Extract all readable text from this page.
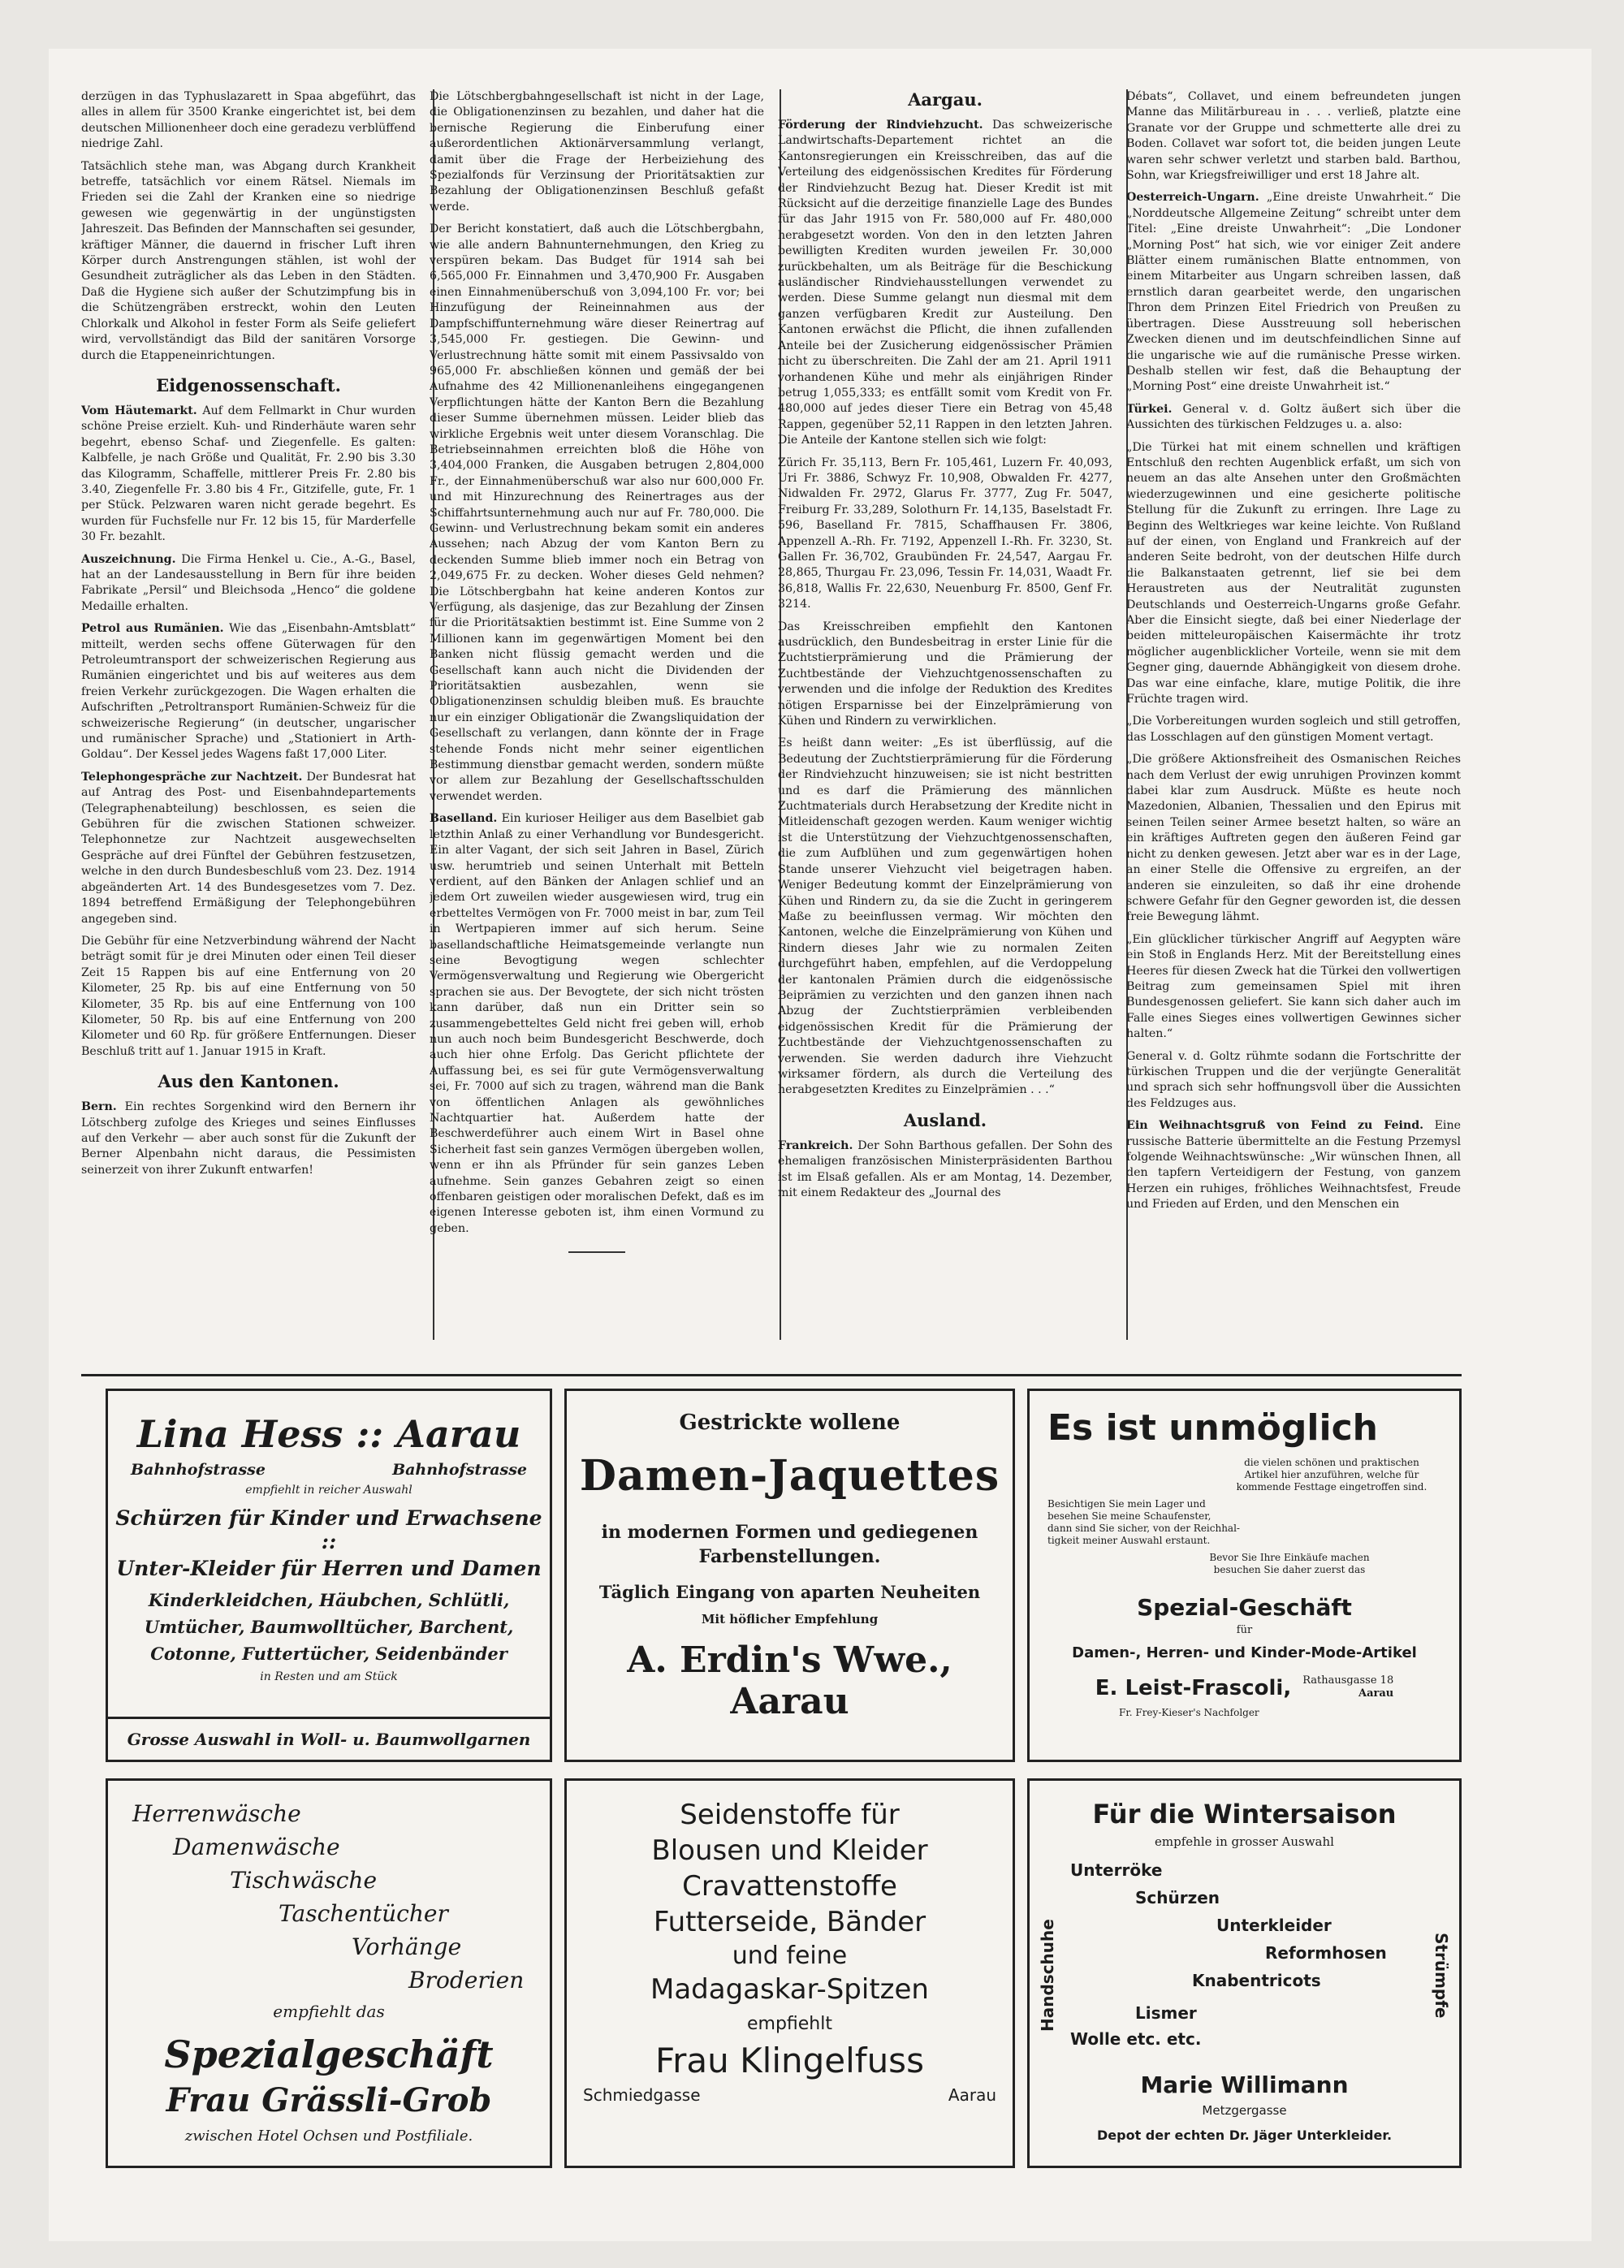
derzügen in das Typhuslazarett in Spaa abgeführt, das alles in allem für 3500 Kranke eingerichtet ist, bei dem deutschen Millionenheer doch eine geradezu verblüffend niedrige Zahl.

Tatsächlich stehe man, was Abgang durch Krankheit betreffe, tatsächlich vor einem Rätsel. Niemals im Frieden sei die Zahl der Kranken eine so niedrige gewesen wie gegenwärtig in der ungünstigsten Jahreszeit. Das Befinden der Mannschaften sei gesunder, kräftiger Männer, die dauernd in frischer Luft ihren Körper durch Anstrengungen stählen, ist wohl der Gesundheit zuträglicher als das Leben in den Städten. Daß die Hygiene sich außer der Schutzimpfung bis in die Schützengräben erstreckt, wohin den Leuten Chlorkalk und Alkohol in fester Form als Seife geliefert wird, vervollständigt das Bild der sanitären Vorsorge durch die Etappeneinrichtungen.

Eidgenossenschaft.

Vom Häutemarkt. Auf dem Fellmarkt in Chur wurden schöne Preise erzielt. Kuh- und Rinderhäute waren sehr begehrt, ebenso Schaf- und Ziegenfelle. Es galten: Kalbfelle, je nach Größe und Qualität, Fr. 2.90 bis 3.30 das Kilogramm, Schaffelle, mittlerer Preis Fr. 2.80 bis 3.40, Ziegenfelle Fr. 3.80 bis 4 Fr., Gitzifelle, gute, Fr. 1 per Stück. Pelzwaren waren nicht gerade begehrt. Es wurden für Fuchsfelle nur Fr. 12 bis 15, für Marderfelle 30 Fr. bezahlt.

Auszeichnung. Die Firma Henkel u. Cie., A.-G., Basel, hat an der Landesausstellung in Bern für ihre beiden Fabrikate „Persil“ und Bleichsoda „Henco“ die goldene Medaille erhalten.

Petrol aus Rumänien. Wie das „Eisenbahn-Amtsblatt“ mitteilt, werden sechs offene Güterwagen für den Petroleumtransport der schweizerischen Regierung aus Rumänien eingerichtet und bis auf weiteres aus dem freien Verkehr zurückgezogen. Die Wagen erhalten die Aufschriften „Petroltransport Rumänien-Schweiz für die schweizerische Regierung“ (in deutscher, ungarischer und rumänischer Sprache) und „Stationiert in Arth-Goldau“. Der Kessel jedes Wagens faßt 17,000 Liter.

Telephongespräche zur Nachtzeit. Der Bundesrat hat auf Antrag des Post- und Eisenbahndepartements (Telegraphenabteilung) beschlossen, es seien die Gebühren für die zwischen Stationen schweizer. Telephonnetze zur Nachtzeit ausgewechselten Gespräche auf drei Fünftel der Gebühren festzusetzen, welche in den durch Bundesbeschluß vom 23. Dez. 1914 abgeänderten Art. 14 des Bundesgesetzes vom 7. Dez. 1894 betreffend Ermäßigung der Telephongebühren angegeben sind.

Die Gebühr für eine Netzverbindung während der Nacht beträgt somit für je drei Minuten oder einen Teil dieser Zeit 15 Rappen bis auf eine Entfernung von 20 Kilometer, 25 Rp. bis auf eine Entfernung von 50 Kilometer, 35 Rp. bis auf eine Entfernung von 100 Kilometer, 50 Rp. bis auf eine Entfernung von 200 Kilometer und 60 Rp. für größere Entfernungen. Dieser Beschluß tritt auf 1. Januar 1915 in Kraft.

Aus den Kantonen.

Bern. Ein rechtes Sorgenkind wird den Bernern ihr Lötschberg zufolge des Krieges und seines Einflusses auf den Verkehr — aber auch sonst für die Zukunft der Berner Alpenbahn nicht daraus, die Pessimisten seinerzeit von ihrer Zukunft entwarfen!

Die Lötschbergbahngesellschaft ist nicht in der Lage, die Obligationenzinsen zu bezahlen, und daher hat die bernische Regierung die Einberufung einer außerordentlichen Aktionärversammlung verlangt, damit über die Frage der Herbeiziehung des Spezialfonds für Verzinsung der Prioritätsaktien zur Bezahlung der Obligationenzinsen Beschluß gefaßt werde.

Der Bericht konstatiert, daß auch die Lötschbergbahn, wie alle andern Bahnunternehmungen, den Krieg zu verspüren bekam. Das Budget für 1914 sah bei 6,565,000 Fr. Einnahmen und 3,470,900 Fr. Ausgaben einen Einnahmenüberschuß von 3,094,100 Fr. vor; bei Hinzufügung der Reineinnahmen aus der Dampfschiffunternehmung wäre dieser Reinertrag auf 3,545,000 Fr. gestiegen. Die Gewinn- und Verlustrechnung hätte somit mit einem Passivsaldo von 965,000 Fr. abschließen können und gemäß der bei Aufnahme des 42 Millionenanleihens eingegangenen Verpflichtungen hätte der Kanton Bern die Bezahlung dieser Summe übernehmen müssen. Leider blieb das wirkliche Ergebnis weit unter diesem Voranschlag. Die Betriebseinnahmen erreichten bloß die Höhe von 3,404,000 Franken, die Ausgaben betrugen 2,804,000 Fr., der Einnahmenüberschuß war also nur 600,000 Fr. und mit Hinzurechnung des Reinertrages aus der Schiffahrtsunternehmung auch nur auf Fr. 780,000. Die Gewinn- und Verlustrechnung bekam somit ein anderes Aussehen; nach Abzug der vom Kanton Bern zu deckenden Summe blieb immer noch ein Betrag von 2,049,675 Fr. zu decken. Woher dieses Geld nehmen? Die Lötschbergbahn hat keine anderen Kontos zur Verfügung, als dasjenige, das zur Bezahlung der Zinsen für die Prioritätsaktien bestimmt ist. Eine Summe von 2 Millionen kann im gegenwärtigen Moment bei den Banken nicht flüssig gemacht werden und die Gesellschaft kann auch nicht die Dividenden der Prioritätsaktien ausbezahlen, wenn sie Obligationenzinsen schuldig bleiben muß. Es brauchte nur ein einziger Obligationär die Zwangsliquidation der Gesellschaft zu verlangen, dann könnte der in Frage stehende Fonds nicht mehr seiner eigentlichen Bestimmung dienstbar gemacht werden, sondern müßte vor allem zur Bezahlung der Gesellschaftsschulden verwendet werden.

Baselland. Ein kurioser Heiliger aus dem Baselbiet gab letzthin Anlaß zu einer Verhandlung vor Bundesgericht. Ein alter Vagant, der sich seit Jahren in Basel, Zürich usw. herumtrieb und seinen Unterhalt mit Betteln verdient, auf den Bänken der Anlagen schlief und an jedem Ort zuweilen wieder ausgewiesen wird, trug ein erbetteltes Vermögen von Fr. 7000 meist in bar, zum Teil in Wertpapieren immer auf sich herum. Seine basellandschaftliche Heimatsgemeinde verlangte nun seine Bevogtigung wegen schlechter Vermögensverwaltung und Regierung wie Obergericht sprachen sie aus. Der Bevogtete, der sich nicht trösten kann darüber, daß nun ein Dritter sein so zusammengebetteltes Geld nicht frei geben will, erhob nun auch noch beim Bundesgericht Beschwerde, doch auch hier ohne Erfolg. Das Gericht pflichtete der Auffassung bei, es sei für gute Vermögensverwaltung sei, Fr. 7000 auf sich zu tragen, während man die Bank von öffentlichen Anlagen als gewöhnliches Nachtquartier hat. Außerdem hatte der Beschwerdeführer auch einem Wirt in Basel ohne Sicherheit fast sein ganzes Vermögen übergeben wollen, wenn er ihn als Pfründer für sein ganzes Leben aufnehme. Sein ganzes Gebahren zeigt so einen offenbaren geistigen oder moralischen Defekt, daß es im eigenen Interesse geboten ist, ihm einen Vormund zu geben.

Aargau.

Förderung der Rindviehzucht. Das schweizerische Landwirtschafts-Departement richtet an die Kantonsregierungen ein Kreisschreiben, das auf die Verteilung des eidgenössischen Kredites für Förderung der Rindviehzucht Bezug hat. Dieser Kredit ist mit Rücksicht auf die derzeitige finanzielle Lage des Bundes für das Jahr 1915 von Fr. 580,000 auf Fr. 480,000 herabgesetzt worden. Von den in den letzten Jahren bewilligten Krediten wurden jeweilen Fr. 30,000 zurückbehalten, um als Beiträge für die Beschickung ausländischer Rindviehausstellungen verwendet zu werden. Diese Summe gelangt nun diesmal mit dem ganzen verfügbaren Kredit zur Austeilung. Den Kantonen erwächst die Pflicht, die ihnen zufallenden Anteile bei der Zusicherung eidgenössischer Prämien nicht zu überschreiten. Die Zahl der am 21. April 1911 vorhandenen Kühe und mehr als einjährigen Rinder betrug 1,055,333; es entfällt somit vom Kredit von Fr. 480,000 auf jedes dieser Tiere ein Betrag von 45,48 Rappen, gegenüber 52,11 Rappen in den letzten Jahren. Die Anteile der Kantone stellen sich wie folgt:

Zürich Fr. 35,113, Bern Fr. 105,461, Luzern Fr. 40,093, Uri Fr. 3886, Schwyz Fr. 10,908, Obwalden Fr. 4277, Nidwalden Fr. 2972, Glarus Fr. 3777, Zug Fr. 5047, Freiburg Fr. 33,289, Solothurn Fr. 14,135, Baselstadt Fr. 596, Baselland Fr. 7815, Schaffhausen Fr. 3806, Appenzell A.-Rh. Fr. 7192, Appenzell I.-Rh. Fr. 3230, St. Gallen Fr. 36,702, Graubünden Fr. 24,547, Aargau Fr. 28,865, Thurgau Fr. 23,096, Tessin Fr. 14,031, Waadt Fr. 36,818, Wallis Fr. 22,630, Neuenburg Fr. 8500, Genf Fr. 3214.

Das Kreisschreiben empfiehlt den Kantonen ausdrücklich, den Bundesbeitrag in erster Linie für die Zuchtstierprämierung und die Prämierung der Zuchtbestände der Viehzuchtgenossenschaften zu verwenden und die infolge der Reduktion des Kredites nötigen Ersparnisse bei der Einzelprämierung von Kühen und Rindern zu verwirklichen.

Es heißt dann weiter: „Es ist überflüssig, auf die Bedeutung der Zuchtstierprämierung für die Förderung der Rindviehzucht hinzuweisen; sie ist nicht bestritten und es darf die Prämierung des männlichen Zuchtmaterials durch Herabsetzung der Kredite nicht in Mitleidenschaft gezogen werden. Kaum weniger wichtig ist die Unterstützung der Viehzuchtgenossenschaften, die zum Aufblühen und zum gegenwärtigen hohen Stande unserer Viehzucht viel beigetragen haben. Weniger Bedeutung kommt der Einzelprämierung von Kühen und Rindern zu, da sie die Zucht in geringerem Maße zu beeinflussen vermag. Wir möchten den Kantonen, welche die Einzelprämierung von Kühen und Rindern dieses Jahr wie zu normalen Zeiten durchgeführt haben, empfehlen, auf die Verdoppelung der kantonalen Prämien durch die eidgenössische Beiprämien zu verzichten und den ganzen ihnen nach Abzug der Zuchtstierprämien verbleibenden eidgenössischen Kredit für die Prämierung der Zuchtbestände der Viehzuchtgenossenschaften zu verwenden. Sie werden dadurch ihre Viehzucht wirksamer fördern, als durch die Verteilung des herabgesetzten Kredites zu Einzelprämien . . .“

Ausland.

Frankreich. Der Sohn Barthous gefallen. Der Sohn des ehemaligen französischen Ministerpräsidenten Barthou ist im Elsaß gefallen. Als er am Montag, 14. Dezember, mit einem Redakteur des „Journal des

Débats“, Collavet, und einem befreundeten jungen Manne das Militärbureau in . . . verließ, platzte eine Granate vor der Gruppe und schmetterte alle drei zu Boden. Collavet war sofort tot, die beiden jungen Leute waren sehr schwer verletzt und starben bald. Barthou, Sohn, war Kriegsfreiwilliger und erst 18 Jahre alt.

Oesterreich-Ungarn. „Eine dreiste Unwahrheit.“ Die „Norddeutsche Allgemeine Zeitung“ schreibt unter dem Titel: „Eine dreiste Unwahrheit“: „Die Londoner „Morning Post“ hat sich, wie vor einiger Zeit andere Blätter einem rumänischen Blatte entnommen, von einem Mitarbeiter aus Ungarn schreiben lassen, daß ernstlich daran gearbeitet werde, den ungarischen Thron dem Prinzen Eitel Friedrich von Preußen zu übertragen. Diese Ausstreuung soll heberischen Zwecken dienen und im deutschfeindlichen Sinne auf die ungarische wie auf die rumänische Presse wirken. Deshalb stellen wir fest, daß die Behauptung der „Morning Post“ eine dreiste Unwahrheit ist.“

Türkei. General v. d. Goltz äußert sich über die Aussichten des türkischen Feldzuges u. a. also:

„Die Türkei hat mit einem schnellen und kräftigen Entschluß den rechten Augenblick erfaßt, um sich von neuem an das alte Ansehen unter den Großmächten wiederzugewinnen und eine gesicherte politische Stellung für die Zukunft zu erringen. Ihre Lage zu Beginn des Weltkrieges war keine leichte. Von Rußland auf der einen, von England und Frankreich auf der anderen Seite bedroht, von der deutschen Hilfe durch die Balkanstaaten getrennt, lief sie bei dem Heraustreten aus der Neutralität zugunsten Deutschlands und Oesterreich-Ungarns große Gefahr. Aber die Einsicht siegte, daß bei einer Niederlage der beiden mitteleuropäischen Kaisermächte ihr trotz möglicher augenblicklicher Vorteile, wenn sie mit dem Gegner ging, dauernde Abhängigkeit von diesem drohe. Das war eine einfache, klare, mutige Politik, die ihre Früchte tragen wird.

„Die Vorbereitungen wurden sogleich und still getroffen, das Losschlagen auf den günstigen Moment vertagt.

„Die größere Aktionsfreiheit des Osmanischen Reiches nach dem Verlust der ewig unruhigen Provinzen kommt dabei klar zum Ausdruck. Müßte es heute noch Mazedonien, Albanien, Thessalien und den Epirus mit seinen Teilen seiner Armee besetzt halten, so wäre an ein kräftiges Auftreten gegen den äußeren Feind gar nicht zu denken gewesen. Jetzt aber war es in der Lage, an einer Stelle die Offensive zu ergreifen, an der anderen sie einzuleiten, so daß ihr eine drohende schwere Gefahr für den Gegner geworden ist, die dessen freie Bewegung lähmt.

„Ein glücklicher türkischer Angriff auf Aegypten wäre ein Stoß in Englands Herz. Mit der Bereitstellung eines Heeres für diesen Zweck hat die Türkei den vollwertigen Beitrag zum gemeinsamen Spiel mit ihren Bundesgenossen geliefert. Sie kann sich daher auch im Falle eines Sieges eines vollwertigen Gewinnes sicher halten.“

General v. d. Goltz rühmte sodann die Fortschritte der türkischen Truppen und die der verjüngte Generalität und sprach sich sehr hoffnungsvoll über die Aussichten des Feldzuges aus.

Ein Weihnachtsgruß von Feind zu Feind. Eine russische Batterie übermittelte an die Festung Przemysl folgende Weihnachtswünsche: „Wir wünschen Ihnen, all den tapfern Verteidigern der Festung, von ganzem Herzen ein ruhiges, fröhliches Weihnachtsfest, Freude und Frieden auf Erden, und den Menschen ein

Lina Hess :: Aarau
Bahnhofstrasse	Bahnhofstrasse
empfiehlt in reicher Auswahl
Schürzen für Kinder und Erwachsene ::
Unter-Kleider für Herren und Damen
Kinderkleidchen, Häubchen, Schlütli,
Umtücher, Baumwolltücher, Barchent,
Cotonne, Futtertücher, Seidenbänder
in Resten und am Stück
Grosse Auswahl in Woll- u. Baumwollgarnen
Gestrickte wollene
Damen-Jaquettes
in modernen Formen und gediegenen
Farbenstellungen.
Täglich Eingang von aparten Neuheiten
Mit höflicher Empfehlung
A. Erdin's Wwe., Aarau
Es ist unmöglich
die vielen schönen und praktischen
Artikel hier anzuführen, welche für
kommende Festtage eingetroffen sind.
Besichtigen Sie mein Lager und
besehen Sie meine Schaufenster,
dann sind Sie sicher, von der Reichhal-
tigkeit meiner Auswahl erstaunt.
Bevor Sie Ihre Einkäufe machen
besuchen Sie daher zuerst das
Spezial-Geschäft
für
Damen-, Herren- und Kinder-Mode-Artikel
E. Leist-Frascoli, Rathausgasse 18
Aarau
Fr. Frey-Kieser's Nachfolger
Herrenwäsche
Damenwäsche
Tischwäsche
Taschentücher
Vorhänge
Broderien
empfiehlt das
Spezialgeschäft
Frau Grässli-Grob
zwischen Hotel Ochsen und Postfiliale.
Seidenstoffe für
Blousen und Kleider
Cravattenstoffe
Futterseide, Bänder
und feine
Madagaskar-Spitzen
empfiehlt
Frau Klingelfuss
Schmiedgasse	Aarau
Für die Wintersaison
empfehle in grosser Auswahl
Handschuhe	Strümpfe
Unterröke
Schürzen
Unterkleider
Reformhosen
Knabentricots
Lismer
Wolle etc. etc.
Marie Willimann
Metzgergasse
Depot der echten Dr. Jäger Unterkleider.
